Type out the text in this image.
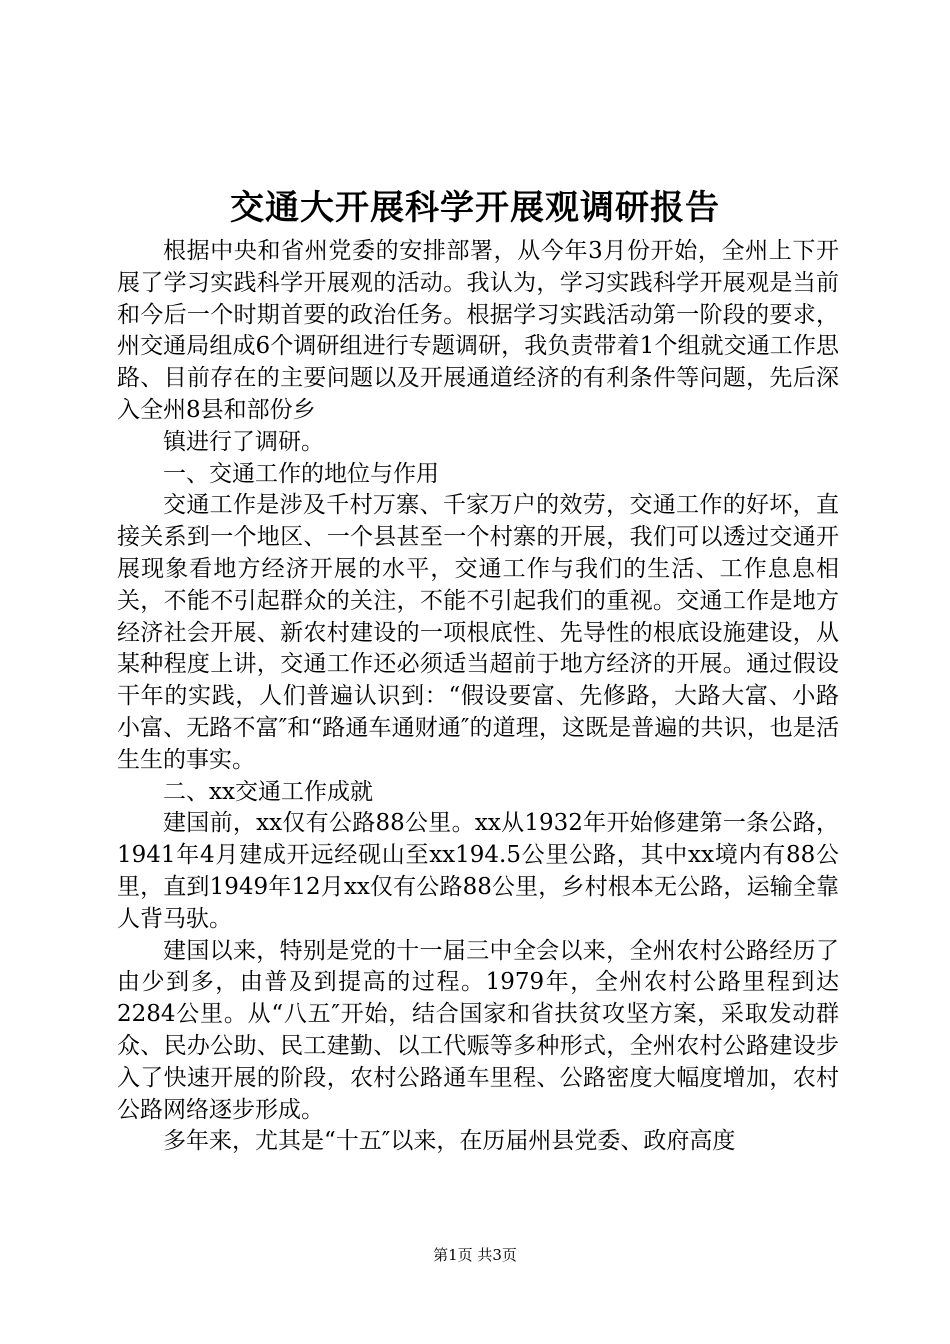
交通大开展科学开展观调研报告

根据中央和省州党委的安排部署，从今年3月份开始，全州上下开展了学习实践科学开展观的活动。我认为，学习实践科学开展观是当前和今后一个时期首要的政治任务。根据学习实践活动第一阶段的要求，州交通局组成6个调研组进行专题调研，我负责带着1个组就交通工作思路、目前存在的主要问题以及开展通道经济的有利条件等问题，先后深入全州8县和部份乡

镇进行了调研。

一、交通工作的地位与作用

交通工作是涉及千村万寨、千家万户的效劳，交通工作的好坏，直接关系到一个地区、一个县甚至一个村寨的开展，我们可以透过交通开展现象看地方经济开展的水平，交通工作与我们的生活、工作息息相关，不能不引起群众的关注，不能不引起我们的重视。交通工作是地方经济社会开展、新农村建设的一项根底性、先导性的根底设施建设，从某种程度上讲，交通工作还必须适当超前于地方经济的开展。通过假设干年的实践，人们普遍认识到：“假设要富、先修路，大路大富、小路小富、无路不富″和“路通车通财通″的道理，这既是普遍的共识，也是活生生的事实。

二、xx交通工作成就

建国前，xx仅有公路88公里。xx从1932年开始修建第一条公路，1941年4月建成开远经砚山至xx194.5公里公路，其中xx境内有88公里，直到1949年12月xx仅有公路88公里，乡村根本无公路，运输全靠人背马驮。

建国以来，特别是党的十一届三中全会以来，全州农村公路经历了由少到多，由普及到提高的过程。1979年，全州农村公路里程到达2284公里。从“八五″开始，结合国家和省扶贫攻坚方案，采取发动群众、民办公助、民工建勤、以工代赈等多种形式，全州农村公路建设步入了快速开展的阶段，农村公路通车里程、公路密度大幅度增加，农村公路网络逐步形成。

多年来，尤其是“十五″以来，在历届州县党委、政府高度

第1页 共3页
